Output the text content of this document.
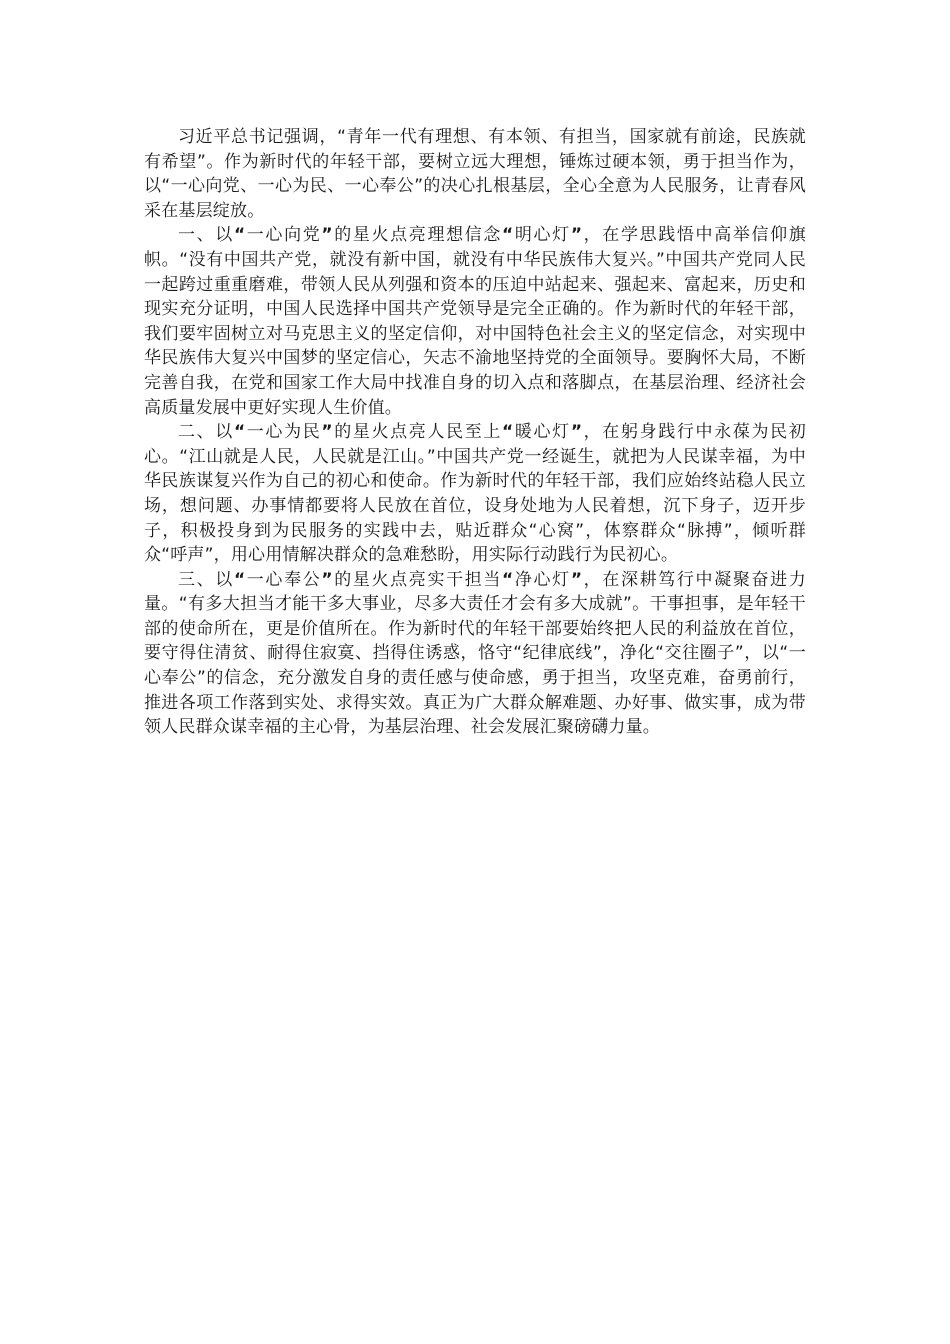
习近平总书记强调，“青年一代有理想、有本领、有担当，国家就有前途，民族就有希望”。作为新时代的年轻干部，要树立远大理想，锤炼过硬本领，勇于担当作为，以“一心向党、一心为民、一心奉公”的决心扎根基层，全心全意为人民服务，让青春风采在基层绽放。

一、以“一心向党”的星火点亮理想信念“明心灯”，在学思践悟中高举信仰旗帜。“没有中国共产党，就没有新中国，就没有中华民族伟大复兴。”中国共产党同人民一起跨过重重磨难，带领人民从列强和资本的压迫中站起来、强起来、富起来，历史和现实充分证明，中国人民选择中国共产党领导是完全正确的。作为新时代的年轻干部，我们要牢固树立对马克思主义的坚定信仰，对中国特色社会主义的坚定信念，对实现中华民族伟大复兴中国梦的坚定信心，矢志不渝地坚持党的全面领导。要胸怀大局，不断完善自我，在党和国家工作大局中找准自身的切入点和落脚点，在基层治理、经济社会高质量发展中更好实现人生价值。

二、以“一心为民”的星火点亮人民至上“暖心灯”，在躬身践行中永葆为民初心。“江山就是人民，人民就是江山。”中国共产党一经诞生，就把为人民谋幸福，为中华民族谋复兴作为自己的初心和使命。作为新时代的年轻干部，我们应始终站稳人民立场，想问题、办事情都要将人民放在首位，设身处地为人民着想，沉下身子，迈开步子，积极投身到为民服务的实践中去，贴近群众“心窝”，体察群众“脉搏”，倾听群众“呼声”，用心用情解决群众的急难愁盼，用实际行动践行为民初心。

三、以“一心奉公”的星火点亮实干担当“净心灯”，在深耕笃行中凝聚奋进力量。“有多大担当才能干多大事业，尽多大责任才会有多大成就”。干事担事，是年轻干部的使命所在，更是价值所在。作为新时代的年轻干部要始终把人民的利益放在首位，要守得住清贫、耐得住寂寞、挡得住诱惑，恪守“纪律底线”，净化“交往圈子”，以“一心奉公”的信念，充分激发自身的责任感与使命感，勇于担当，攻坚克难，奋勇前行，推进各项工作落到实处、求得实效。真正为广大群众解难题、办好事、做实事，成为带领人民群众谋幸福的主心骨，为基层治理、社会发展汇聚磅礴力量。
